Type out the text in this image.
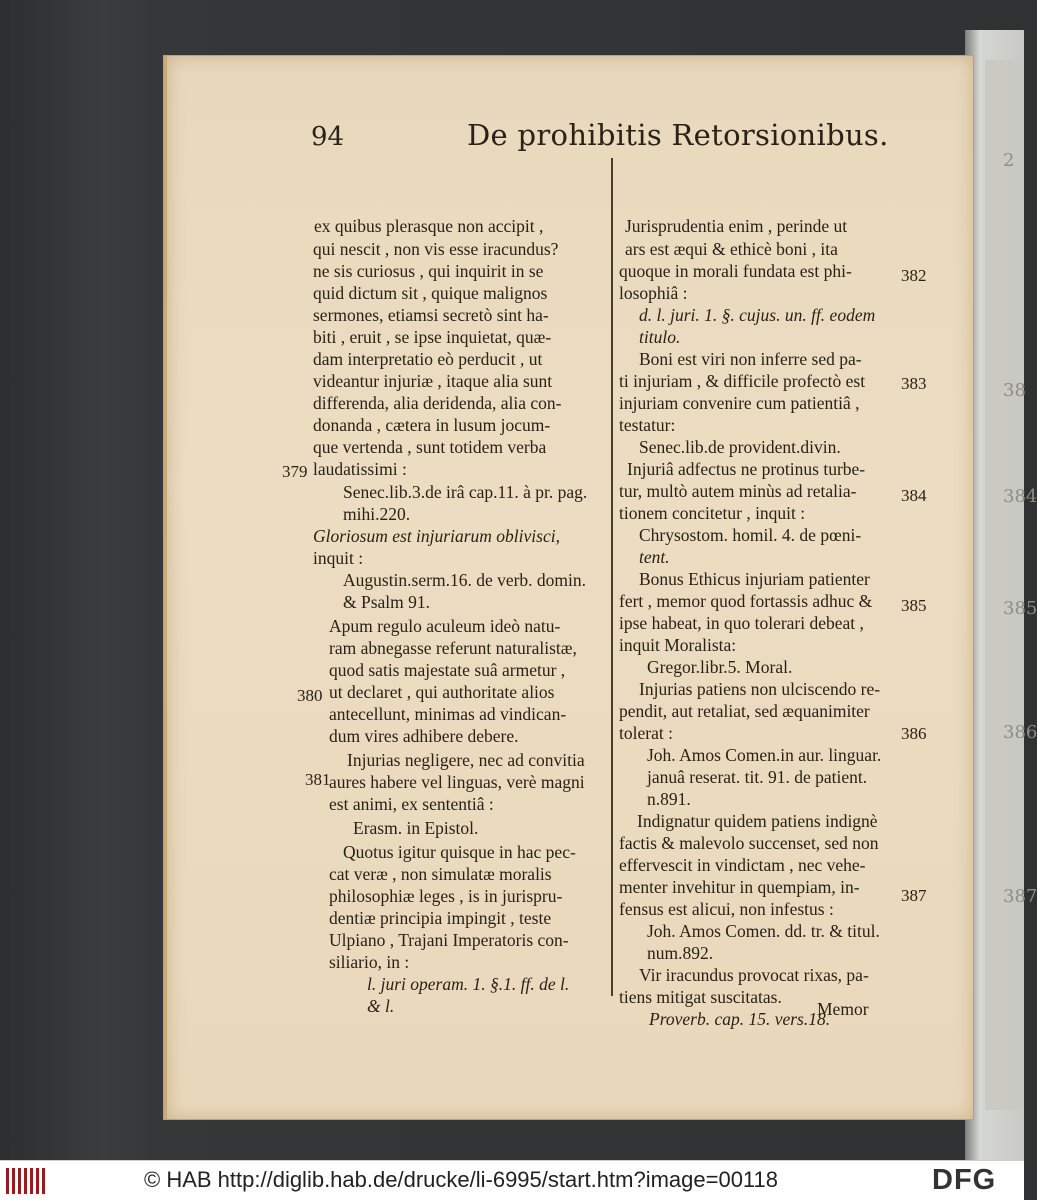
2
38
384
385
386
387
94	De prohibitis Retorsionibus.
Memor
ex quibus plerasque non accipit ,
qui nescit , non vis esse iracundus?
ne sis curiosus , qui inquirit in se
quid dictum sit , quique malignos
sermones, etiamsi secretò sint ha-
biti , eruit , se ipse inquietat, quæ-
dam interpretatio eò perducit , ut
videantur injuriæ , itaque alia sunt
differenda, alia deridenda, alia con-
donanda , cætera in lusum jocum-
que vertenda , sunt totidem verba
laudatissimi :
Senec.lib.3.de irâ cap.11. à pr. pag.
mihi.220.
Gloriosum est injuriarum oblivisci,
inquit :
Augustin.serm.16. de verb. domin.
& Psalm 91.
Apum regulo aculeum ideò natu-
ram abnegasse referunt naturalistæ,
quod satis majestate suâ armetur ,
ut declaret , qui authoritate alios
antecellunt, minimas ad vindican-
dum vires adhibere debere.
Injurias negligere, nec ad convitia
aures habere vel linguas, verè magni
est animi, ex sententiâ :
Erasm. in Epistol.
Quotus igitur quisque in hac pec-
cat veræ , non simulatæ moralis
philosophiæ leges , is in jurispru-
dentiæ principia impingit , teste
Ulpiano , Trajani Imperatoris con-
siliario, in :
l. juri operam. 1. §.1. ff. de l.
& l.
Jurisprudentia enim , perinde ut
ars est æqui & ethicè boni , ita
quoque in morali fundata est phi-
losophiâ :
d. l. juri. 1. §. cujus. un. ff. eodem
titulo.
Boni est viri non inferre sed pa-
ti injuriam , & difficile profectò est
injuriam convenire cum patientiâ ,
testatur:
Senec.lib.de provident.divin.
Injuriâ adfectus ne protinus turbe-
tur, multò autem minùs ad retalia-
tionem concitetur , inquit :
Chrysostom. homil. 4. de pœni-
tent.
Bonus Ethicus injuriam patienter
fert , memor quod fortassis adhuc &
ipse habeat, in quo tolerari debeat ,
inquit Moralista:
Gregor.libr.5. Moral.
Injurias patiens non ulciscendo re-
pendit, aut retaliat, sed æquanimiter
tolerat :
Joh. Amos Comen.in aur. linguar.
januâ reserat. tit. 91. de patient.
n.891.
Indignatur quidem patiens indignè
factis & malevolo succenset, sed non
effervescit in vindictam , nec vehe-
menter invehitur in quempiam, in-
fensus est alicui, non infestus :
Joh. Amos Comen. dd. tr. & titul.
num.892.
Vir iracundus provocat rixas, pa-
tiens mitigat suscitatas.
Proverb. cap. 15. vers.18.
379
380
381
382
383
384
385
386
387
© HAB http://diglib.hab.de/drucke/li-6995/start.htm?image=00118	DFG
